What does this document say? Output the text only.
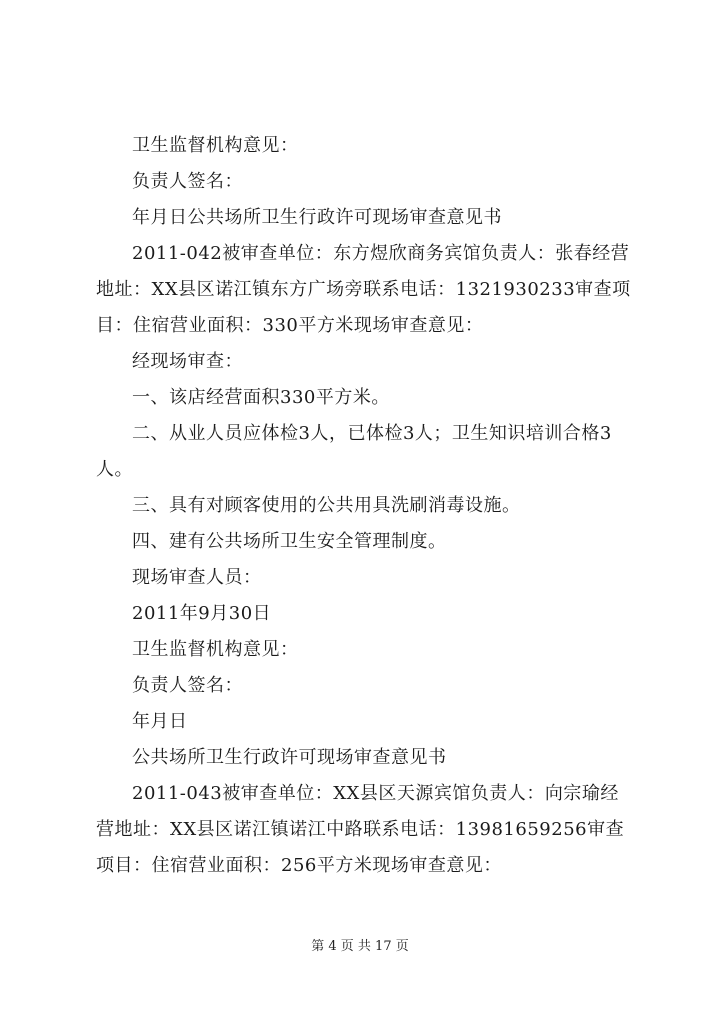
卫生监督机构意见：

负责人签名：

年月日公共场所卫生行政许可现场审查意见书

2011-042被审查单位：东方煜欣商务宾馆负责人：张春经营地址：XX县区诺江镇东方广场旁联系电话：1321930233审查项目：住宿营业面积：330平方米现场审查意见：

经现场审查：

一、该店经营面积330平方米。

二、从业人员应体检3人，已体检3人；卫生知识培训合格3人。

三、具有对顾客使用的公共用具洗刷消毒设施。

四、建有公共场所卫生安全管理制度。

现场审查人员：

2011年9月30日

卫生监督机构意见：

负责人签名：

年月日

公共场所卫生行政许可现场审查意见书

2011-043被审查单位：XX县区天源宾馆负责人：向宗瑜经营地址：XX县区诺江镇诺江中路联系电话：13981659256审查项目：住宿营业面积：256平方米现场审查意见：

第 4 页 共 17 页
